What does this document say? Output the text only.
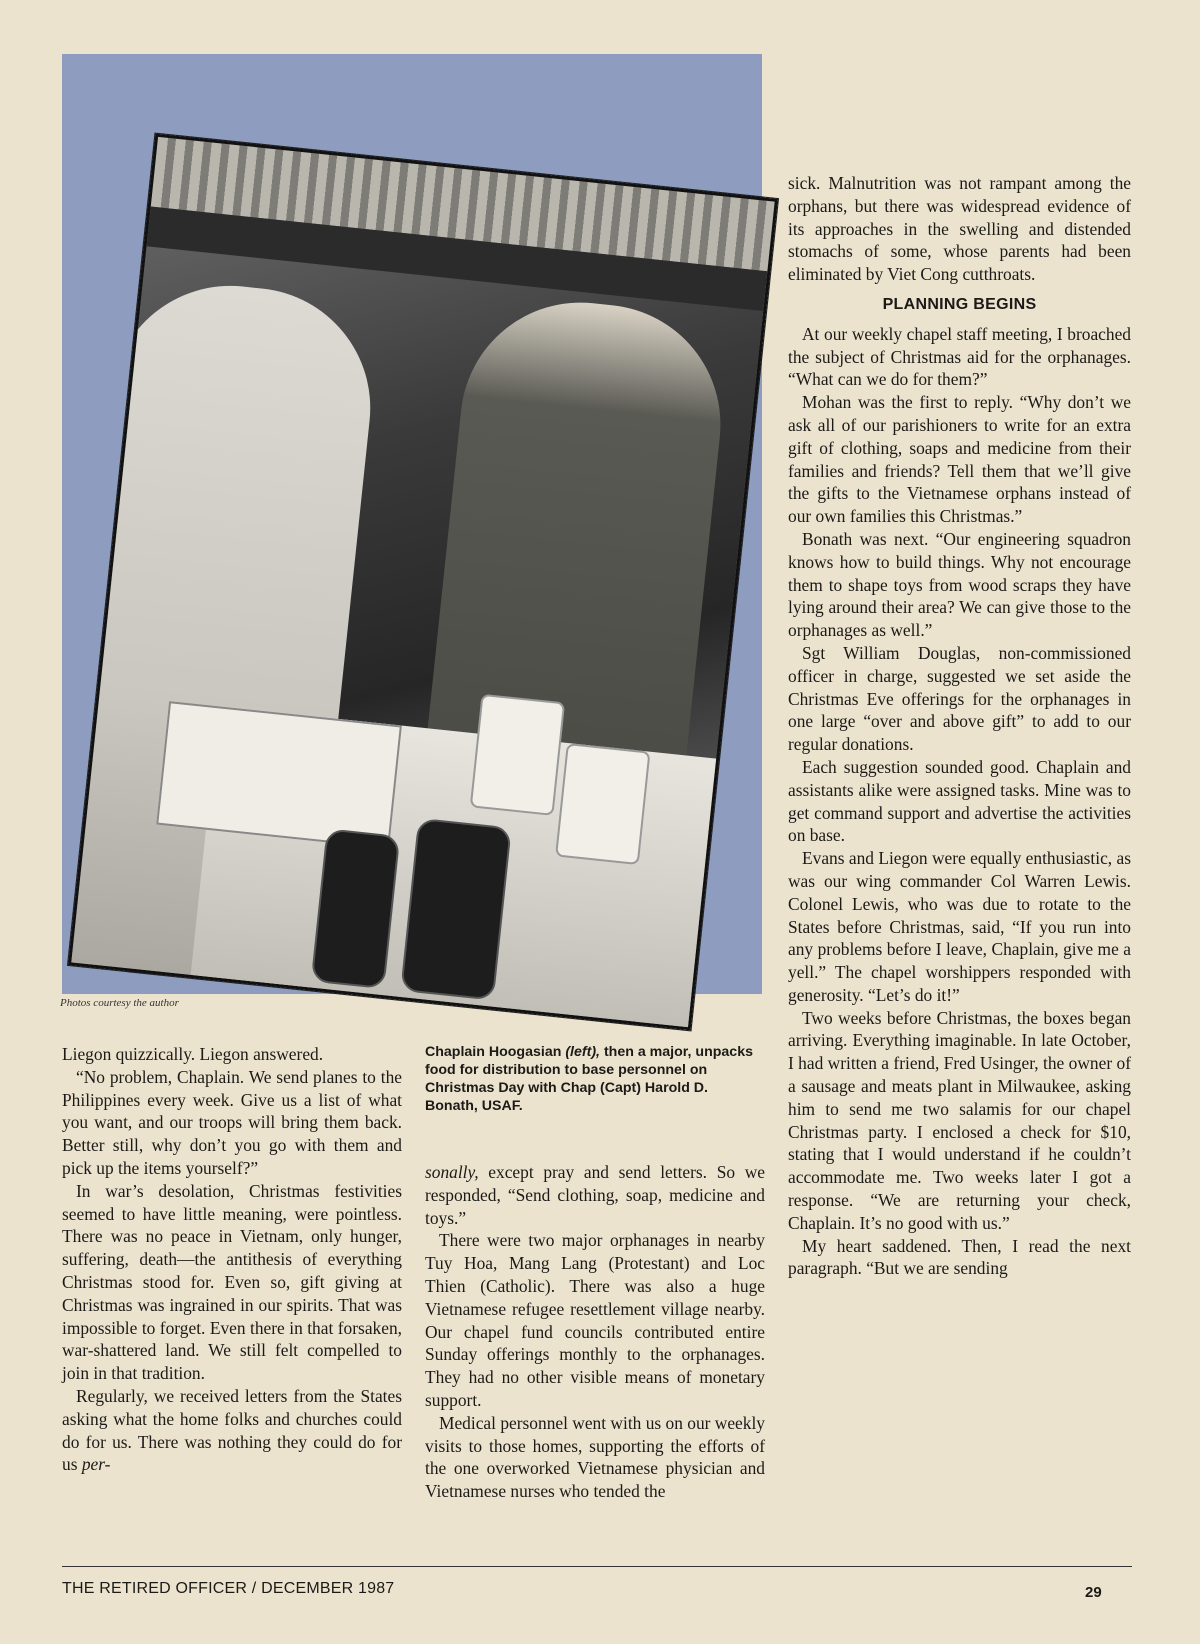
Photos courtesy the author

sick. Malnutrition was not rampant among the orphans, but there was widespread evidence of its approaches in the swelling and distended stomachs of some, whose parents had been eliminated by Viet Cong cutthroats.

PLANNING BEGINS

At our weekly chapel staff meeting, I broached the subject of Christmas aid for the orphanages. “What can we do for them?”

Mohan was the first to reply. “Why don’t we ask all of our parishioners to write for an extra gift of clothing, soaps and medicine from their families and friends? Tell them that we’ll give the gifts to the Vietnamese orphans instead of our own families this Christmas.”

Bonath was next. “Our engineering squadron knows how to build things. Why not encourage them to shape toys from wood scraps they have lying around their area? We can give those to the orphanages as well.”

Sgt William Douglas, non-commissioned officer in charge, suggested we set aside the Christmas Eve offerings for the orphanages in one large “over and above gift” to add to our regular donations.

Each suggestion sounded good. Chaplain and assistants alike were assigned tasks. Mine was to get command support and advertise the activities on base.

Evans and Liegon were equally enthusiastic, as was our wing commander Col Warren Lewis. Colonel Lewis, who was due to rotate to the States before Christmas, said, “If you run into any problems before I leave, Chaplain, give me a yell.” The chapel worshippers responded with generosity. “Let’s do it!”

Two weeks before Christmas, the boxes began arriving. Everything imaginable. In late October, I had written a friend, Fred Usinger, the owner of a sausage and meats plant in Milwaukee, asking him to send me two salamis for our chapel Christmas party. I enclosed a check for $10, stating that I would understand if he couldn’t accommodate me. Two weeks later I got a response. “We are returning your check, Chaplain. It’s no good with us.”

My heart saddened. Then, I read the next paragraph. “But we are sending

Liegon quizzically. Liegon answered.

“No problem, Chaplain. We send planes to the Philippines every week. Give us a list of what you want, and our troops will bring them back. Better still, why don’t you go with them and pick up the items yourself?”

In war’s desolation, Christmas festivities seemed to have little meaning, were pointless. There was no peace in Vietnam, only hunger, suffering, death—the antithesis of everything Christmas stood for. Even so, gift giving at Christmas was ingrained in our spirits. That was impossible to forget. Even there in that forsaken, war-shattered land. We still felt compelled to join in that tradition.

Regularly, we received letters from the States asking what the home folks and churches could do for us. There was nothing they could do for us per-

Chaplain Hoogasian (left), then a major, unpacks food for distribution to base personnel on Christmas Day with Chap (Capt) Harold D. Bonath, USAF.

sonally, except pray and send letters. So we responded, “Send clothing, soap, medicine and toys.”

There were two major orphanages in nearby Tuy Hoa, Mang Lang (Protestant) and Loc Thien (Catholic). There was also a huge Vietnamese refugee resettlement village nearby. Our chapel fund councils contributed entire Sunday offerings monthly to the orphanages. They had no other visible means of monetary support.

Medical personnel went with us on our weekly visits to those homes, supporting the efforts of the one overworked Vietnamese physician and Vietnamese nurses who tended the

THE RETIRED OFFICER / DECEMBER 1987	29
